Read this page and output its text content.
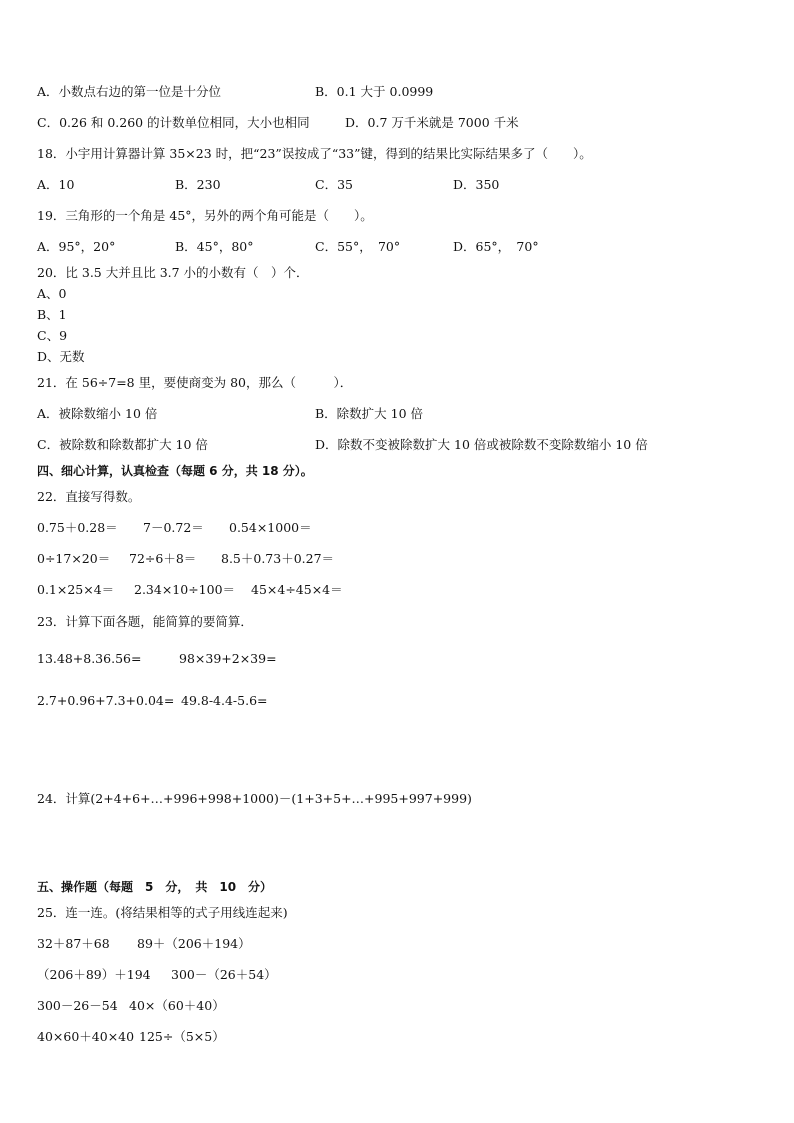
A．小数点右边的第一位是十分位	B．0.1 大于 0.0999
C．0.26 和 0.260 的计数单位相同，大小也相同	D．0.7 万千米就是 7000 千米
18．小宇用计算器计算 35×23 时，把“23”误按成了“33”键，得到的结果比实际结果多了（　　）。
A．10	B．230	C．35	D．350
19．三角形的一个角是 45°，另外的两个角可能是（　　）。
A．95°，20°	B．45°，80°	C．55°，　70°	D．65°，　70°
20．比 3.5 大并且比 3.7 小的小数有（　）个．
A、0
B、1
C、9
D、无数
21．在 56÷7=8 里，要使商变为 80，那么（　　　）．
A．被除数缩小 10 倍	B．除数扩大 10 倍
C．被除数和除数都扩大 10 倍	D．除数不变被除数扩大 10 倍或被除数不变除数缩小 10 倍
四、细心计算，认真检查（每题 6 分，共 18 分）。
22．直接写得数。
0.75＋0.28＝ 7－0.72＝ 0.54×1000＝
0÷17×20＝ 72÷6＋8＝ 8.5＋0.73＋0.27＝
0.1×25×4＝ 2.34×10÷100＝ 45×4÷45×4＝
23．计算下面各题，能简算的要简算．
13.48+8.36.56=	98×39+2×39=
2.7+0.96+7.3+0.04= 49.8-4.4-5.6=
24．计算(2+4+6+…+996+998+1000)－(1+3+5+…+995+997+999)
五、操作题（每题　5　分，　共　10　分）
25．连一连。(将结果相等的式子用线连起来)
32＋87＋68 89＋（206＋194）
（206＋89）＋194 300－（26＋54）
300－26－54 40×（60＋40）
40×60＋40×40 125÷（5×5）
